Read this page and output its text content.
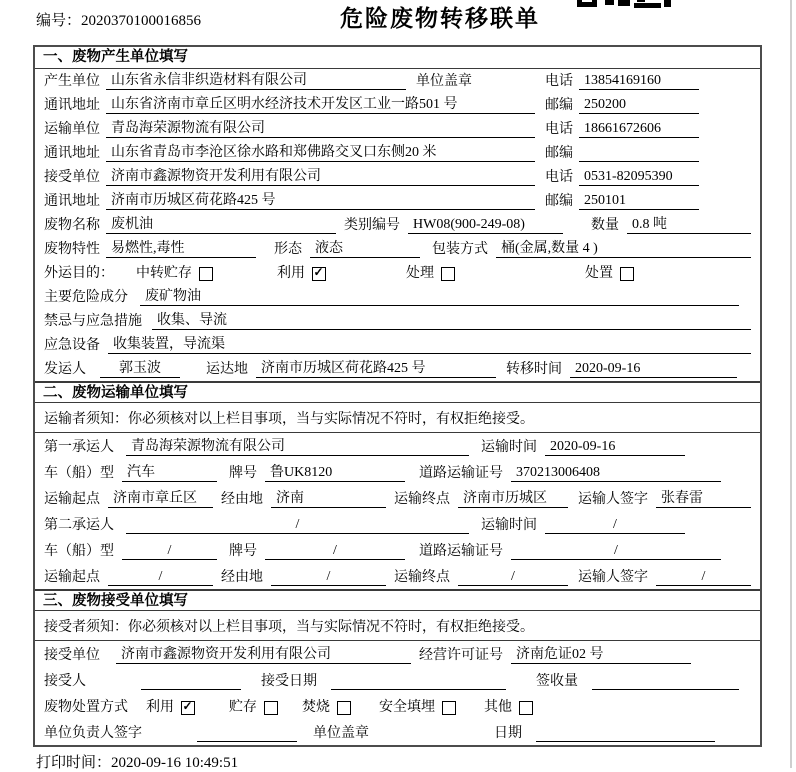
编号：2020370100016856	危险废物转移联单
一、废物产生单位填写
产生单位 山东省永信非织造材料有限公司	单位盖章	电话 13854169160
通讯地址 山东省济南市章丘区明水经济技术开发区工业一路501 号	邮编 250200
运输单位 青岛海荣源物流有限公司	电话 18661672606
通讯地址 山东省青岛市李沧区徐水路和郑佛路交叉口东侧20 米	邮编
接受单位 济南市鑫源物资开发利用有限公司	电话 0531-82095390
通讯地址 济南市历城区荷花路425 号	邮编 250101
废物名称 废机油	类别编号 HW08(900-249-08)	数量 0.8 吨
废物特性 易燃性,毒性	形态 液态	包装方式 桶(金属,数量 4 )
外运目的： 中转贮存	利用 ✓	处理	处置
主要危险成分	废矿物油
禁忌与应急措施	收集、导流
应急设备 收集装置，导流渠
发运人	郭玉波	运达地 济南市历城区荷花路425 号	转移时间 2020-09-16
二、废物运输单位填写
运输者须知：你必须核对以上栏目事项，当与实际情况不符时，有权拒绝接受。
第一承运人	青岛海荣源物流有限公司	运输时间 2020-09-16
车（船）型 汽车	牌号 鲁UK8120	道路运输证号 370213006408
运输起点 济南市章丘区	经由地 济南	运输终点 济南市历城区	运输人签字 张春雷
第二承运人	/	运输时间	/
车（船）型	/	牌号	/	道路运输证号	/
运输起点	/	经由地	/	运输终点	/	运输人签字	/
三、废物接受单位填写
接受者须知：你必须核对以上栏目事项，当与实际情况不符时，有权拒绝接受。
接受单位	济南市鑫源物资开发利用有限公司	经营许可证号 济南危证02 号
接受人	接受日期	签收量
废物处置方式 利用 ✓	贮存	焚烧	安全填埋	其他
单位负责人签字	单位盖章	日期
打印时间：2020-09-16 10:49:51
